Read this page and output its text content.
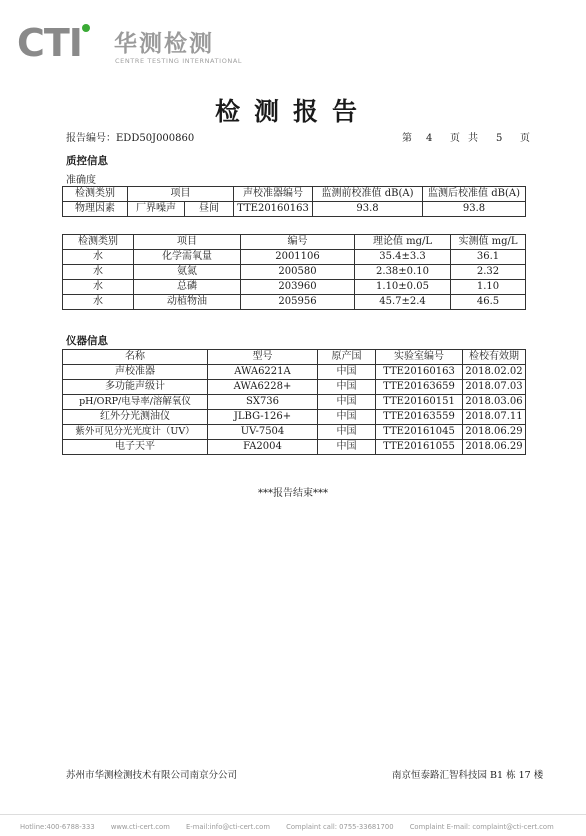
CTI 华测检测
CENTRE TESTING INTERNATIONAL
检测报告
报告编号：EDD50J000860	第 4 页共 5 页
质控信息
准确度
检测类别	项目		声校准器编号	监测前校准值 dB(A)	监测后校准值 dB(A)
物理因素	厂界噪声	昼间	TTE20160163	93.8	93.8
检测类别	项目	编号	理论值 mg/L	实测值 mg/L
水	化学需氧量	2001106	35.4±3.3	36.1
水	氨氮	200580	2.38±0.10	2.32
水	总磷	203960	1.10±0.05	1.10
水	动植物油	205956	45.7±2.4	46.5
仪器信息
名称	型号	原产国	实验室编号	检校有效期
声校准器	AWA6221A	中国	TTE20160163	2018.02.02
多功能声级计	AWA6228+	中国	TTE20163659	2018.07.03
pH/ORP/电导率/溶解氧仪	SX736	中国	TTE20160151	2018.03.06
红外分光测油仪	JLBG-126+	中国	TTE20163559	2018.07.11
紫外可见分光光度计（UV）	UV-7504	中国	TTE20161045	2018.06.29
电子天平	FA2004	中国	TTE20161055	2018.06.29
***报告结束***
苏州市华测检测技术有限公司南京分公司	南京恒泰路汇智科技园 B1 栋 17 楼
Hotline:400-6788-333 www.cti-cert.com E-mail:info@cti-cert.com Complaint call: 0755-33681700 Complaint E-mail: complaint@cti-cert.com
